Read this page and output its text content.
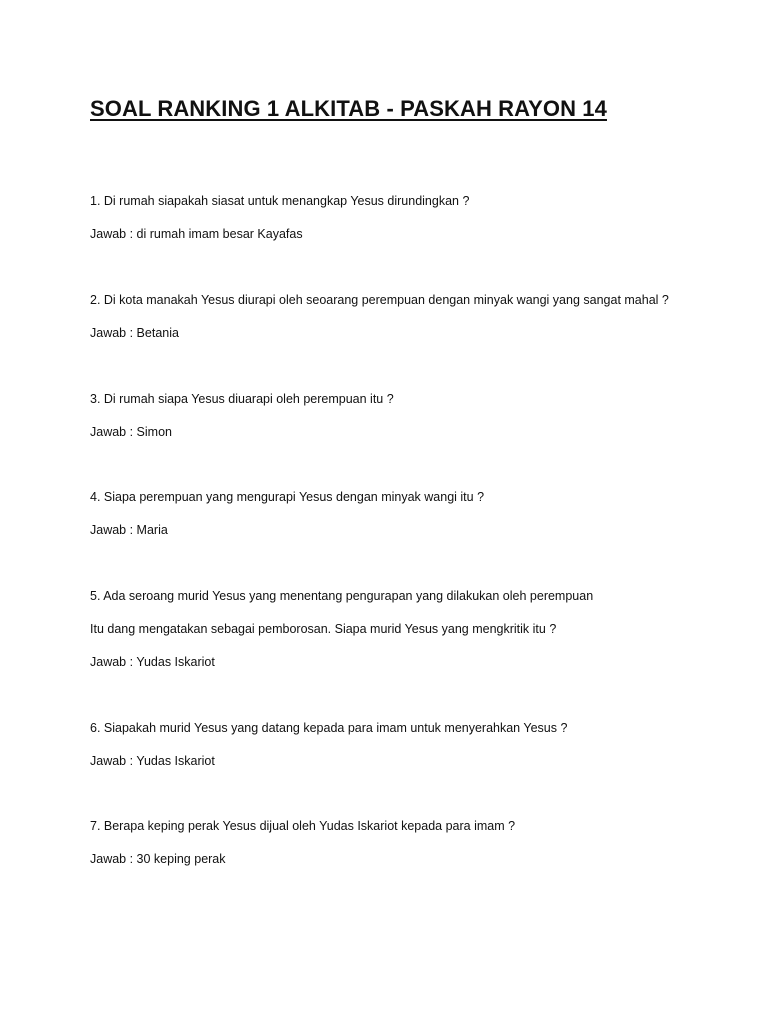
SOAL RANKING 1 ALKITAB - PASKAH RAYON 14

1. Di rumah siapakah siasat untuk menangkap Yesus dirundingkan ?

Jawab : di rumah imam besar Kayafas

2. Di kota manakah Yesus diurapi oleh seoarang perempuan dengan minyak wangi yang sangat mahal ?

Jawab : Betania

3. Di rumah siapa Yesus diuarapi oleh perempuan itu ?

Jawab : Simon

4. Siapa perempuan yang mengurapi Yesus dengan minyak wangi itu ?

Jawab : Maria

5. Ada seroang murid Yesus yang menentang pengurapan yang dilakukan oleh perempuan

Itu dang mengatakan sebagai pemborosan. Siapa murid Yesus yang mengkritik itu ?

Jawab : Yudas Iskariot

6. Siapakah murid Yesus yang datang kepada para imam untuk menyerahkan Yesus ?

Jawab : Yudas Iskariot

7. Berapa keping perak Yesus dijual oleh Yudas Iskariot kepada para imam ?

Jawab : 30 keping perak
